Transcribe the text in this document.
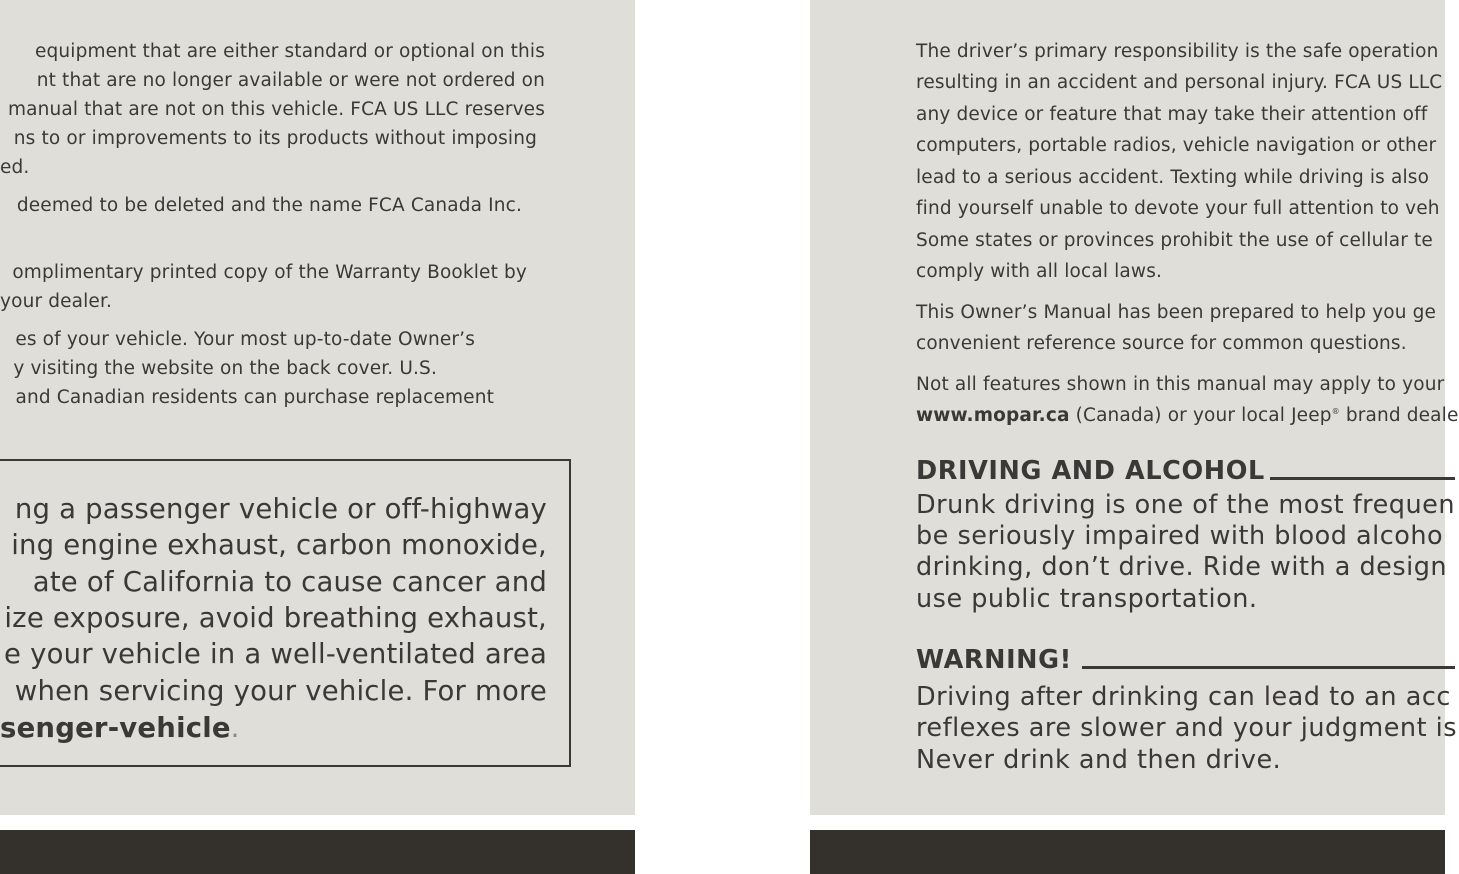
equipment that are either standard or optional on this
nt that are no longer available or were not ordered on
manual that are not on this vehicle. FCA US LLC reserves
ns to or improvements to its products without imposing
ed.
deemed to be deleted and the name FCA Canada Inc.
omplimentary printed copy of the Warranty Booklet by
your dealer.
es of your vehicle. Your most up-to-date Owner’s
y visiting the website on the back cover. U.S.
and Canadian residents can purchase replacement
ng a passenger vehicle or off-highway
ing engine exhaust, carbon monoxide,
ate of California to cause cancer and
ize exposure, avoid breathing exhaust,
e your vehicle in a well-ventilated area
when servicing your vehicle. For more
senger-vehicle.
The driver’s primary responsibility is the safe operation
resulting in an accident and personal injury. FCA US LLC
any device or feature that may take their attention off
computers, portable radios, vehicle navigation or other
lead to a serious accident. Texting while driving is also
find yourself unable to devote your full attention to veh
Some states or provinces prohibit the use of cellular te
comply with all local laws.
This Owner’s Manual has been prepared to help you ge
convenient reference source for common questions.
Not all features shown in this manual may apply to your
www.mopar.ca (Canada) or your local Jeep® brand deale
DRIVING AND ALCOHOL
Drunk driving is one of the most frequen
be seriously impaired with blood alcoho
drinking, don’t drive. Ride with a design
use public transportation.
WARNING!
Driving after drinking can lead to an acc
reflexes are slower and your judgment is
Never drink and then drive.
